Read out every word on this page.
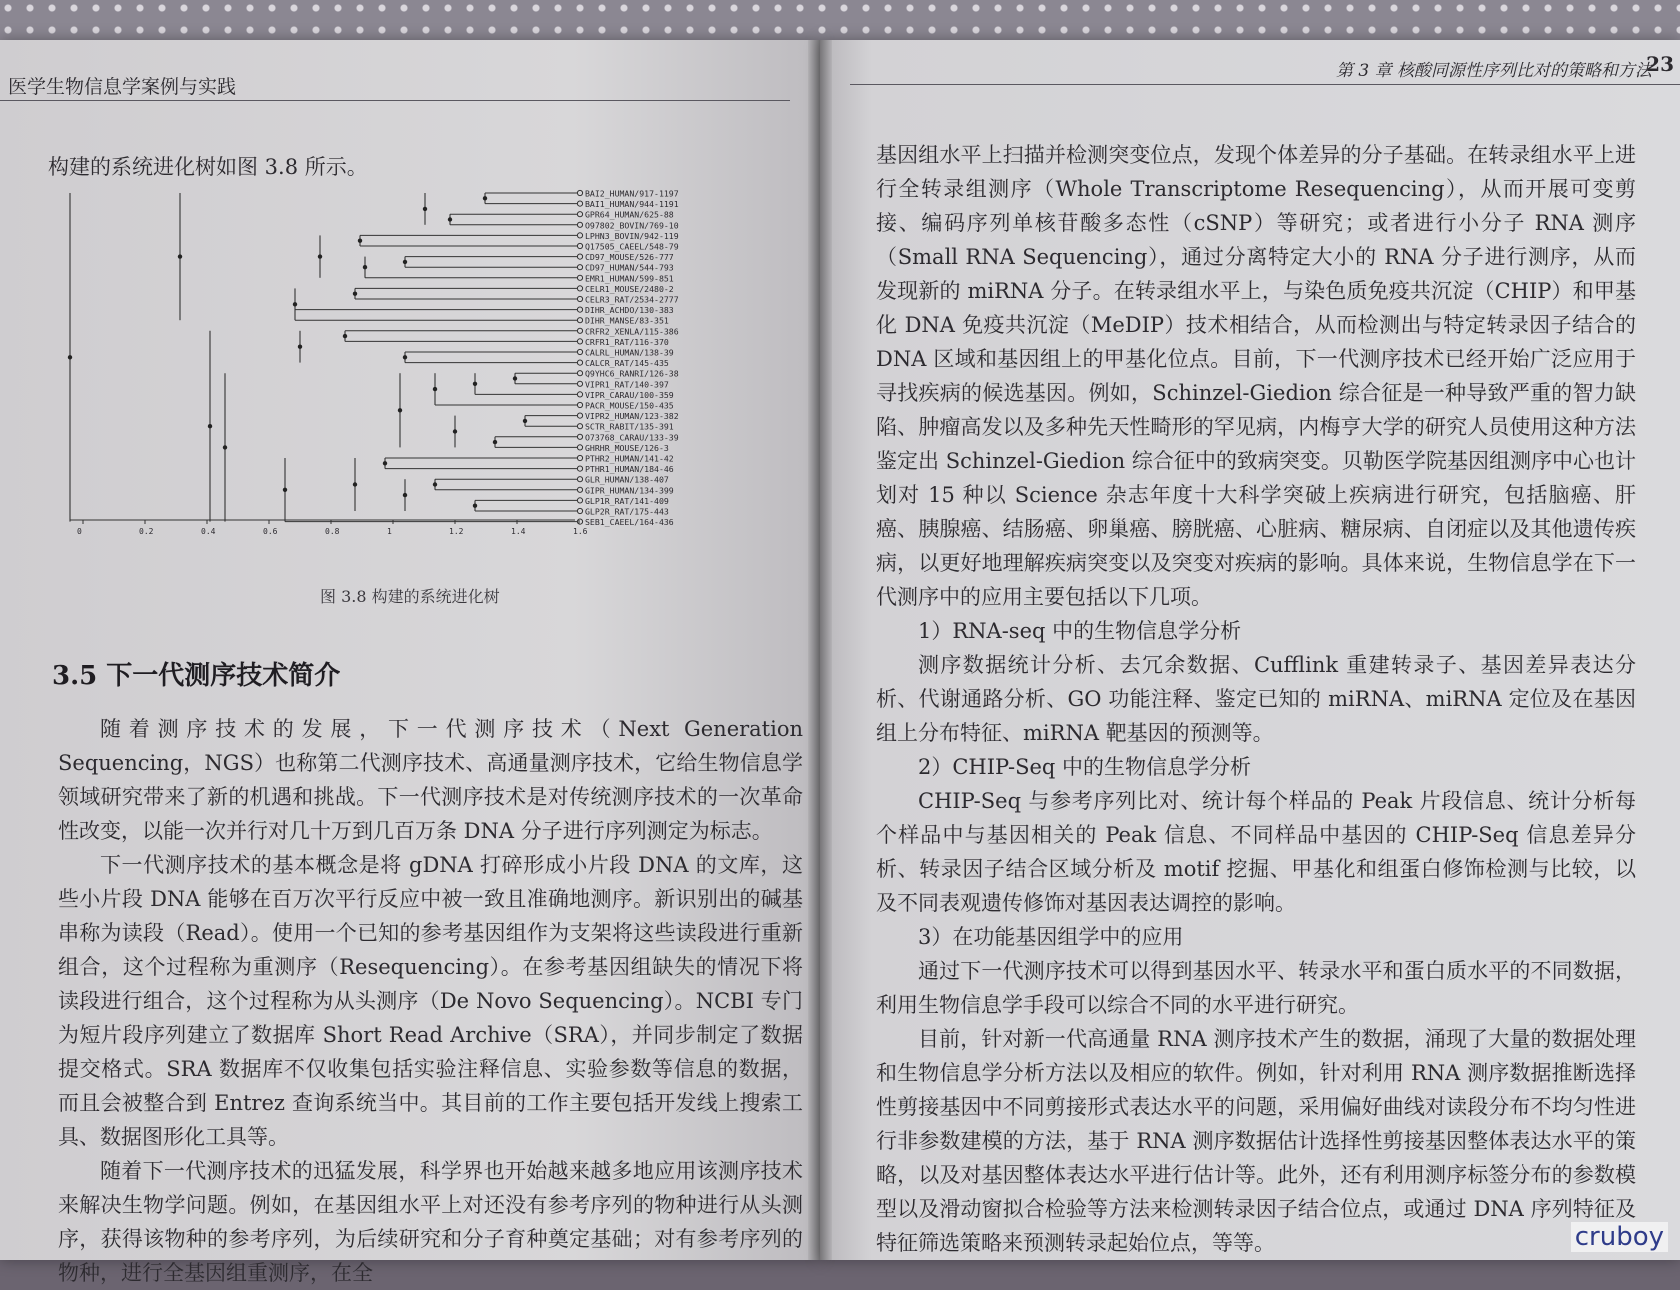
医学生物信息学案例与实践
构建的系统进化树如图 3.8 所示。
BAI2_HUMAN/917-1197
BAI1_HUMAN/944-1191
GPR64_HUMAN/625-88
O97802_BOVIN/769-10
LPHN3_BOVIN/942-119
Q17505_CAEEL/548-79
CD97_MOUSE/526-777
CD97_HUMAN/544-793
EMR1_HUMAN/599-851
CELR1_MOUSE/2480-2
CELR3_RAT/2534-2777
DIHR_ACHDO/130-383
DIHR_MANSE/83-351
CRFR2_XENLA/115-386
CRFR1_RAT/116-370
CALRL_HUMAN/138-39
CALCR_RAT/145-435
Q9YHC6_RANRI/126-38
VIPR1_RAT/140-397
VIPR_CARAU/100-359
PACR_MOUSE/150-435
VIPR2_HUMAN/123-382
SCTR_RABIT/135-391
O73768_CARAU/133-39
GHRHR_MOUSE/126-3
PTHR2_HUMAN/141-42
PTHR1_HUMAN/184-46
GLR_HUMAN/138-407
GIPR_HUMAN/134-399
GLP1R_RAT/141-409
GLP2R_RAT/175-443
SEB1_CAEEL/164-436
0	0.2	0.4	0.6	0.8	1	1.2	1.4	1.6
图 3.8 构建的系统进化树
3.5 下一代测序技术简介

随着测序技术的发展，下一代测序技术（Next Generation Sequencing，NGS）也称第二代测序技术、高通量测序技术，它给生物信息学领域研究带来了新的机遇和挑战。下一代测序技术是对传统测序技术的一次革命性改变，以能一次并行对几十万到几百万条 DNA 分子进行序列测定为标志。

下一代测序技术的基本概念是将 gDNA 打碎形成小片段 DNA 的文库，这些小片段 DNA 能够在百万次平行反应中被一致且准确地测序。新识别出的碱基串称为读段（Read）。使用一个已知的参考基因组作为支架将这些读段进行重新组合，这个过程称为重测序（Resequencing）。在参考基因组缺失的情况下将读段进行组合，这个过程称为从头测序（De Novo Sequencing）。NCBI 专门为短片段序列建立了数据库 Short Read Archive（SRA），并同步制定了数据提交格式。SRA 数据库不仅收集包括实验注释信息、实验参数等信息的数据，而且会被整合到 Entrez 查询系统当中。其目前的工作主要包括开发线上搜索工具、数据图形化工具等。

随着下一代测序技术的迅猛发展，科学界也开始越来越多地应用该测序技术来解决生物学问题。例如，在基因组水平上对还没有参考序列的物种进行从头测序，获得该物种的参考序列，为后续研究和分子育种奠定基础；对有参考序列的物种，进行全基因组重测序，在全

第 3 章 核酸同源性序列比对的策略和方法
23

基因组水平上扫描并检测突变位点，发现个体差异的分子基础。在转录组水平上进行全转录组测序（Whole Transcriptome Resequencing），从而开展可变剪接、编码序列单核苷酸多态性（cSNP）等研究；或者进行小分子 RNA 测序（Small RNA Sequencing），通过分离特定大小的 RNA 分子进行测序，从而发现新的 miRNA 分子。在转录组水平上，与染色质免疫共沉淀（CHIP）和甲基化 DNA 免疫共沉淀（MeDIP）技术相结合，从而检测出与特定转录因子结合的 DNA 区域和基因组上的甲基化位点。目前，下一代测序技术已经开始广泛应用于寻找疾病的候选基因。例如，Schinzel-Giedion 综合征是一种导致严重的智力缺陷、肿瘤高发以及多种先天性畸形的罕见病，内梅亨大学的研究人员使用这种方法鉴定出 Schinzel-Giedion 综合征中的致病突变。贝勒医学院基因组测序中心也计划对 15 种以 Science 杂志年度十大科学突破上疾病进行研究，包括脑癌、肝癌、胰腺癌、结肠癌、卵巢癌、膀胱癌、心脏病、糖尿病、自闭症以及其他遗传疾病，以更好地理解疾病突变以及突变对疾病的影响。具体来说，生物信息学在下一代测序中的应用主要包括以下几项。

1）RNA-seq 中的生物信息学分析

测序数据统计分析、去冗余数据、Cufflink 重建转录子、基因差异表达分析、代谢通路分析、GO 功能注释、鉴定已知的 miRNA、miRNA 定位及在基因组上分布特征、miRNA 靶基因的预测等。

2）CHIP-Seq 中的生物信息学分析

CHIP-Seq 与参考序列比对、统计每个样品的 Peak 片段信息、统计分析每个样品中与基因相关的 Peak 信息、不同样品中基因的 CHIP-Seq 信息差异分析、转录因子结合区域分析及 motif 挖掘、甲基化和组蛋白修饰检测与比较，以及不同表观遗传修饰对基因表达调控的影响。

3）在功能基因组学中的应用

通过下一代测序技术可以得到基因水平、转录水平和蛋白质水平的不同数据，利用生物信息学手段可以综合不同的水平进行研究。

目前，针对新一代高通量 RNA 测序技术产生的数据，涌现了大量的数据处理和生物信息学分析方法以及相应的软件。例如，针对利用 RNA 测序数据推断选择性剪接基因中不同剪接形式表达水平的问题，采用偏好曲线对读段分布不均匀性进行非参数建模的方法，基于 RNA 测序数据估计选择性剪接基因整体表达水平的策略，以及对基因整体表达水平进行估计等。此外，还有利用测序标签分布的参数模型以及滑动窗拟合检验等方法来检测转录因子结合位点，或通过 DNA 序列特征及特征筛选策略来预测转录起始位点，等等。	cruboy
